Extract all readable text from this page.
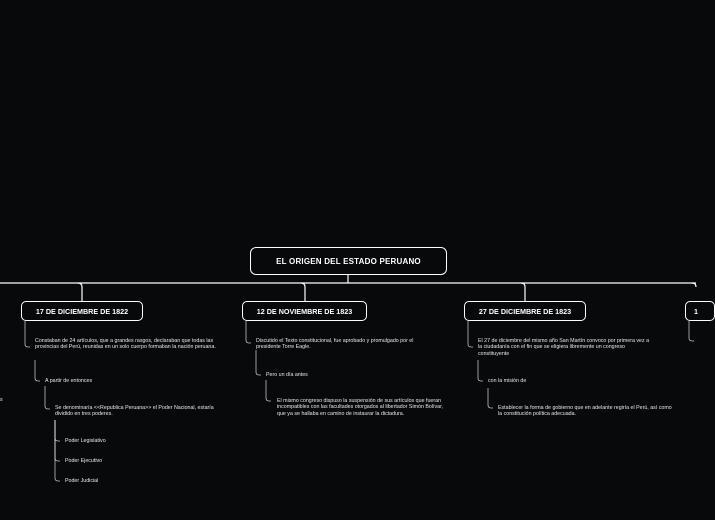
EL ORIGEN DEL ESTADO PERUANO
17 DE DICIEMBRE DE 1822
Constaban de 24 artículos, que a grandes rasgos, declaraban que todas las provincias del Perú, reunidas en un solo cuerpo formaban la nación peruana.
A partir de entonces
Se denominaría <<Republica Peruana>> el Poder Nacional, estaría dividido en tres poderes.
Poder Legislativo
Poder Ejecutivo
Poder Judicial
12 DE NOVIEMBRE DE 1823
Discutido el Texto constitucional, fue aprobado y promulgado por el presidente Torre Eagle.
Pero un día antes
El mismo congreso dispuso la suspensión de sus artículos que fueran incompatibles con las facultades otorgados al libertador Simón Bolívar, que ya se hallaba en camino de instaurar la dictadura.
27 DE DICIEMBRE DE 1823
El 27 de diciembre del mismo año San Martín convoco por primera vez a la ciudadanía con el fin que se eligiera libremente un congreso constituyente
con la misión de
Establecer la forma de gobierno que en adelante regiría el Perú, así como la constitución política adecuada.
1
s
